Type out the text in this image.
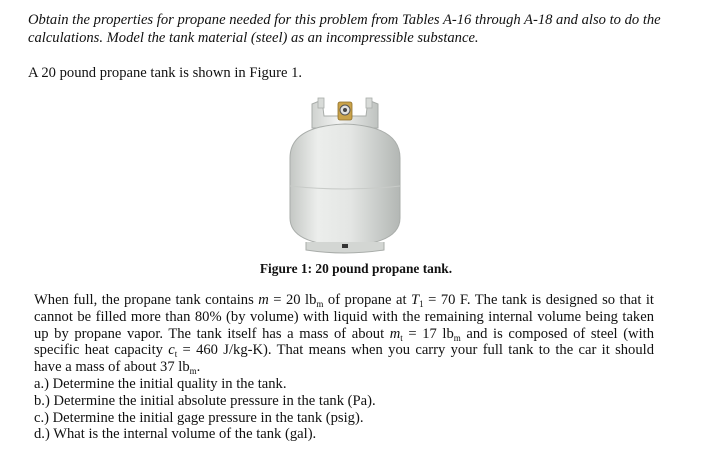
Obtain the properties for propane needed for this problem from Tables A-16 through A-18 and also to do the calculations. Model the tank material (steel) as an incompressible substance.
A 20 pound propane tank is shown in Figure 1.
Figure 1: 20 pound propane tank.
When full, the propane tank contains m = 20 $lb_m$ of propane at $T_1 = 70$ F. The tank is designed so that it
cannot be filled more than 80% (by volume) with liquid with the remaining internal volume being taken
up by propane vapor. The tank itself has a mass of about $m_t = 17$ $lb_m$ and is composed of steel (with
specific heat capacity $c_t = 460$ J/kg-K). That means when you carry your full tank to the car it should
have a mass of about 37 $lb_m$.
a.) Determine the initial quality in the tank.
b.) Determine the initial absolute pressure in the tank (Pa).
c.) Determine the initial gage pressure in the tank (psig).
d.) What is the internal volume of the tank (gal).
